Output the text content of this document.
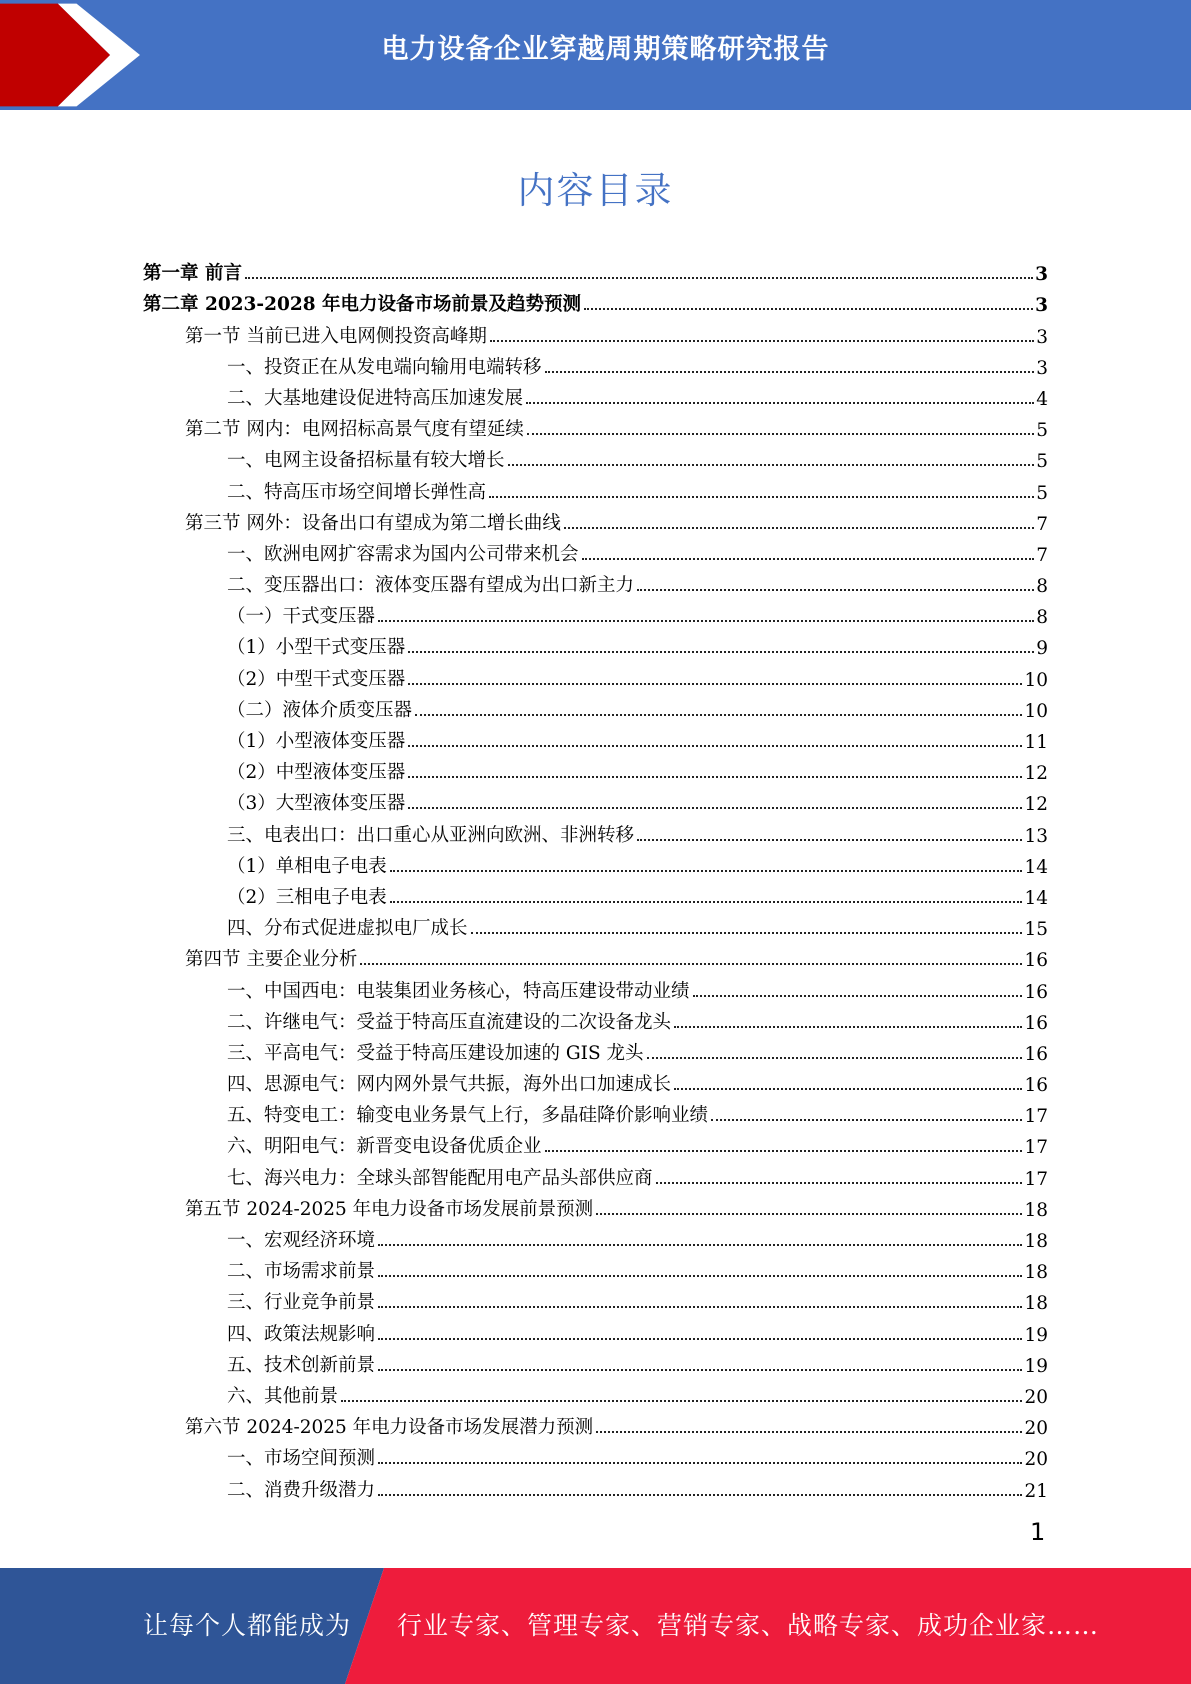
电力设备企业穿越周期策略研究报告
内容目录
第一章 前言	3
第二章 2023-2028 年电力设备市场前景及趋势预测	3
第一节 当前已进入电网侧投资高峰期	3
一、投资正在从发电端向输用电端转移	3
二、大基地建设促进特高压加速发展	4
第二节 网内：电网招标高景气度有望延续	5
一、电网主设备招标量有较大增长	5
二、特高压市场空间增长弹性高	5
第三节 网外：设备出口有望成为第二增长曲线	7
一、欧洲电网扩容需求为国内公司带来机会	7
二、变压器出口：液体变压器有望成为出口新主力	8
（一）干式变压器	8
（1）小型干式变压器	9
（2）中型干式变压器	10
（二）液体介质变压器	10
（1）小型液体变压器	11
（2）中型液体变压器	12
（3）大型液体变压器	12
三、电表出口：出口重心从亚洲向欧洲、非洲转移	13
（1）单相电子电表	14
（2）三相电子电表	14
四、分布式促进虚拟电厂成长	15
第四节 主要企业分析	16
一、中国西电：电装集团业务核心，特高压建设带动业绩	16
二、许继电气：受益于特高压直流建设的二次设备龙头	16
三、平高电气：受益于特高压建设加速的 GIS 龙头	16
四、思源电气：网内网外景气共振，海外出口加速成长	16
五、特变电工：输变电业务景气上行，多晶硅降价影响业绩	17
六、明阳电气：新晋变电设备优质企业	17
七、海兴电力：全球头部智能配用电产品头部供应商	17
第五节 2024-2025 年电力设备市场发展前景预测	18
一、宏观经济环境	18
二、市场需求前景	18
三、行业竞争前景	18
四、政策法规影响	19
五、技术创新前景	19
六、其他前景	20
第六节 2024-2025 年电力设备市场发展潜力预测	20
一、市场空间预测	20
二、消费升级潜力	21
1
让每个人都能成为 行业专家、管理专家、营销专家、战略专家、成功企业家……
